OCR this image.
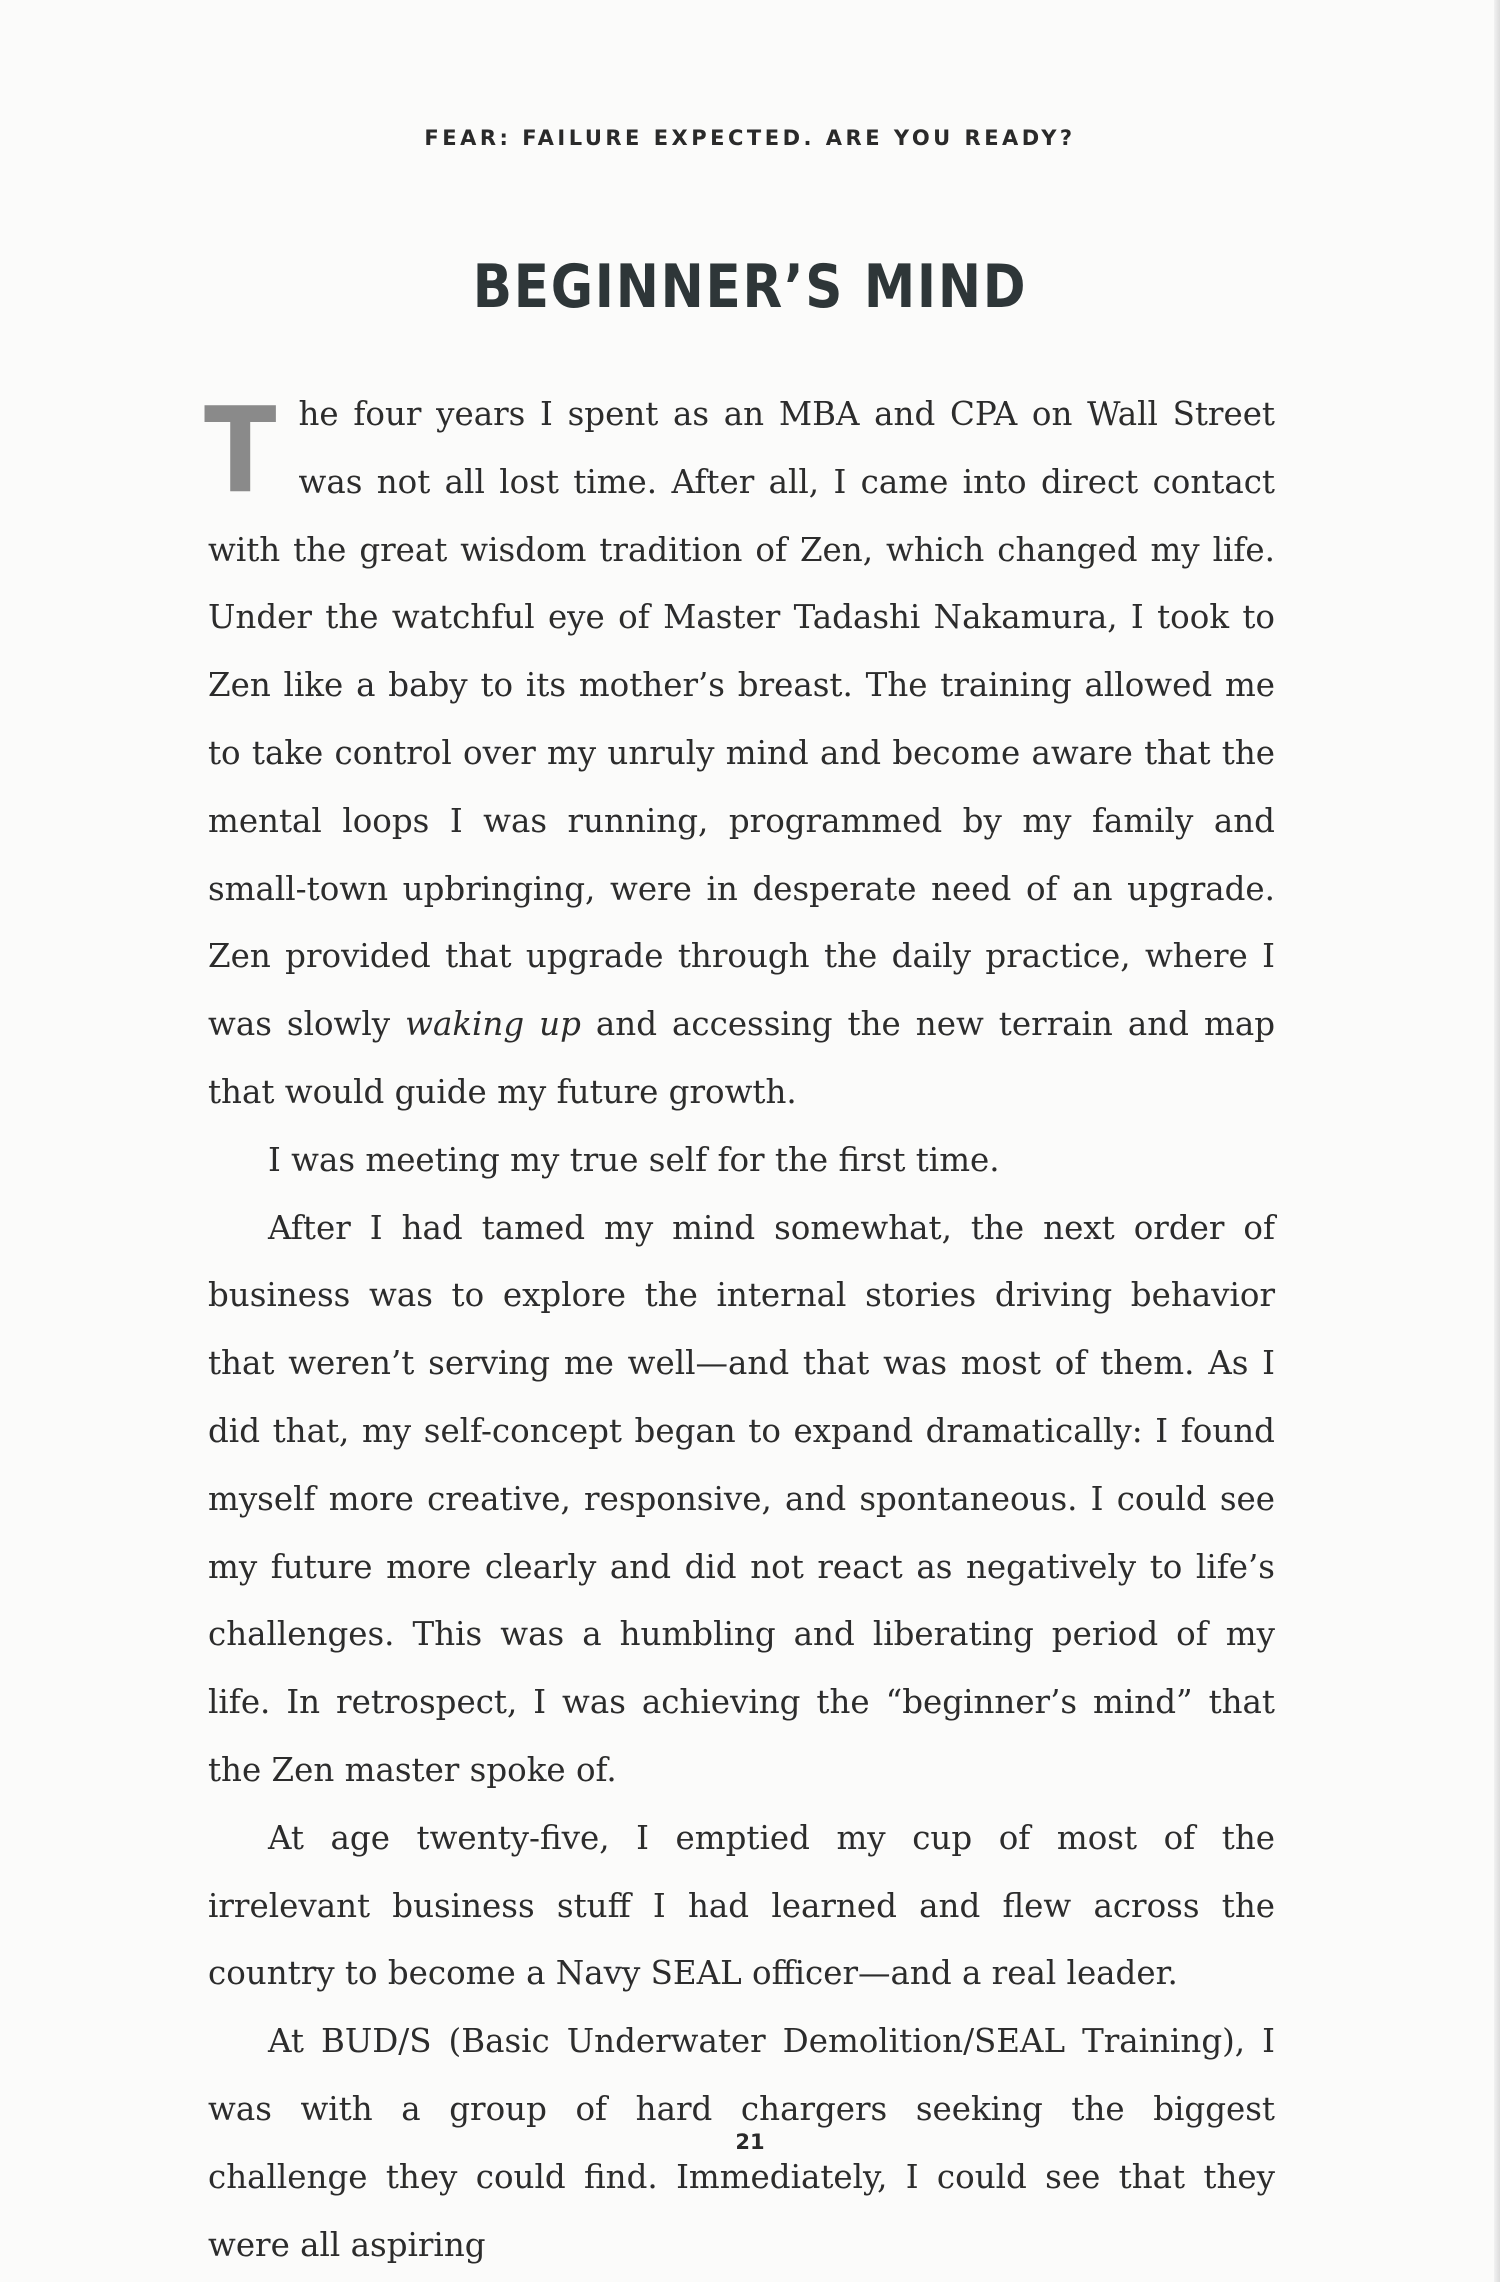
FEAR: FAILURE EXPECTED. ARE YOU READY?
BEGINNER’S MIND

The four years I spent as an MBA and CPA on Wall Street was not all lost time. After all, I came into direct contact with the great wisdom tradition of Zen, which changed my life. Under the watchful eye of Master Tadashi Nakamura, I took to Zen like a baby to its mother’s breast. The training allowed me to take control over my unruly mind and become aware that the mental loops I was running, programmed by my family and small-town upbringing, were in desperate need of an upgrade. Zen provided that upgrade through the daily practice, where I was slowly waking up and accessing the new terrain and map that would guide my future growth.

I was meeting my true self for the first time.

After I had tamed my mind somewhat, the next order of business was to explore the internal stories driving behavior that weren’t serving me well—and that was most of them. As I did that, my self-concept began to expand dramatically: I found myself more creative, responsive, and spontaneous. I could see my future more clearly and did not react as negatively to life’s challenges. This was a humbling and liberating period of my life. In retrospect, I was achieving the “beginner’s mind” that the Zen master spoke of.

At age twenty-five, I emptied my cup of most of the irrelevant business stuff I had learned and flew across the country to become a Navy SEAL officer—and a real leader.

At BUD/S (Basic Underwater Demolition/SEAL Training), I was with a group of hard chargers seeking the biggest challenge they could find. Immediately, I could see that they were all aspiring

21
